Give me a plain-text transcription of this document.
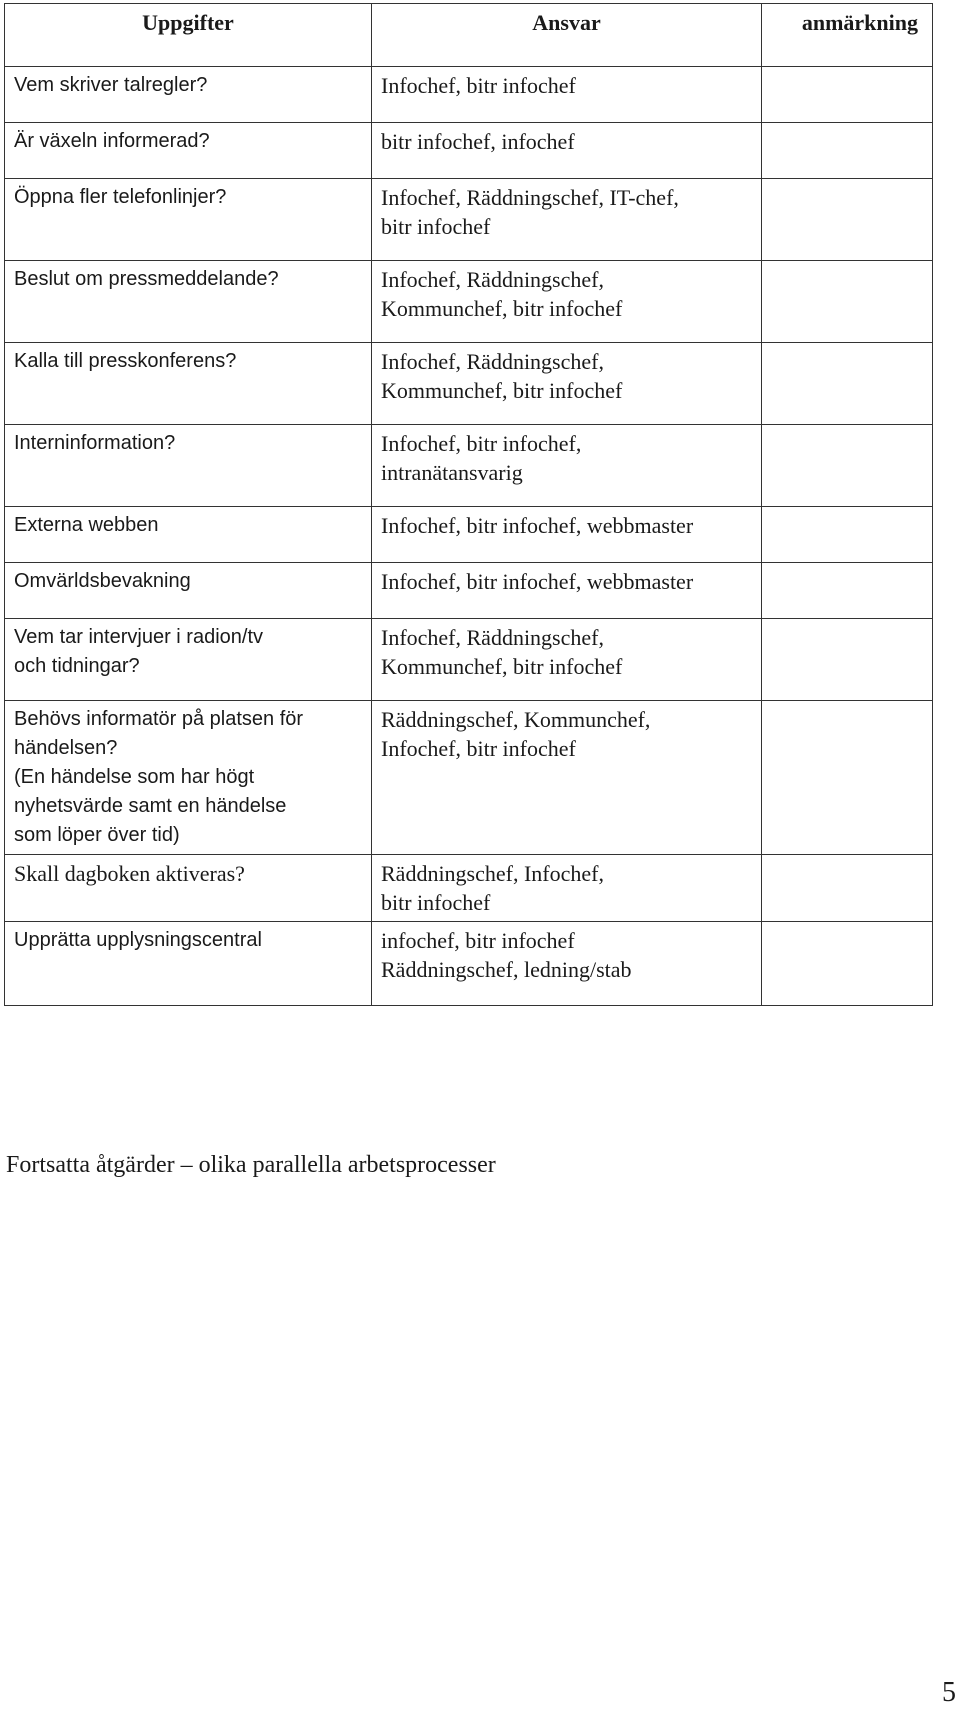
Uppgifter	Ansvar	anmärkning

Vem skriver talregler?	Infochef, bitr infochef	

Är växeln informerad?	bitr infochef, infochef	

Öppna fler telefonlinjer?	Infochef, Räddningschef, IT-chef,
bitr infochef	

Beslut om pressmeddelande?	Infochef, Räddningschef,
Kommunchef, bitr infochef	

Kalla till presskonferens?	Infochef, Räddningschef,
Kommunchef, bitr infochef	

Interninformation?	Infochef, bitr infochef,
intranätansvarig	

Externa webben	Infochef, bitr infochef, webbmaster	

Omvärldsbevakning	Infochef, bitr infochef, webbmaster	

Vem tar intervjuer i radion/tv
och tidningar?	Infochef, Räddningschef,
Kommunchef, bitr infochef	

Behövs informatör på platsen för
händelsen?
(En händelse som har högt
nyhetsvärde samt en händelse
som löper över tid)	Räddningschef, Kommunchef,
Infochef, bitr infochef	

Skall dagboken aktiveras?	Räddningschef, Infochef,
bitr infochef	

Upprätta upplysningscentral	infochef, bitr infochef
Räddningschef, ledning/stab	

Fortsatta åtgärder – olika parallella arbetsprocesser
5
